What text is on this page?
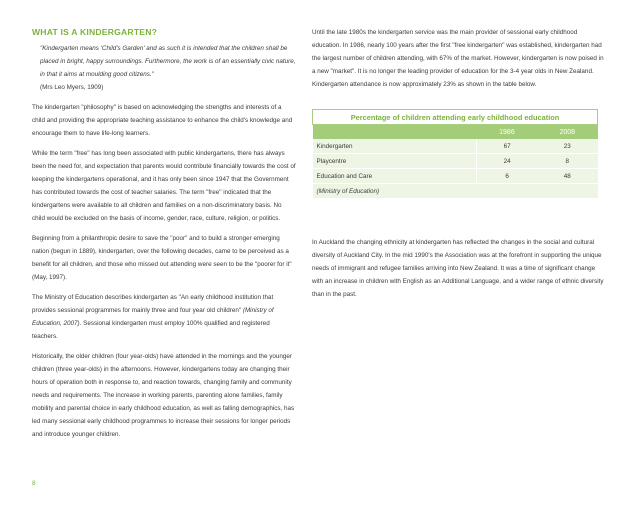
WHAT IS A KINDERGARTEN?

"Kindergarten means 'Child's Garden' and as such it is intended that the children shall be placed in bright, happy surroundings. Furthermore, the work is of an essentially civic nature, in that it aims at moulding good citizens."

(Mrs Leo Myers, 1909)

The kindergarten "philosophy" is based on acknowledging the strengths and interests of a child and providing the appropriate teaching assistance to enhance the child's knowledge and encourage them to have life-long learners.

While the term "free" has long been associated with public kindergartens, there has always been the need for, and expectation that parents would contribute financially towards the cost of keeping the kindergartens operational, and it has only been since 1947 that the Government has contributed towards the cost of teacher salaries. The term "free" indicated that the kindergartens were available to all children and families on a non-discriminatory basis. No child would be excluded on the basis of income, gender, race, culture, religion, or politics.

Beginning from a philanthropic desire to save the "poor" and to build a stronger emerging nation (begun in 1889), kindergarten, over the following decades, came to be perceived as a benefit for all children, and those who missed out attending were seen to be the "poorer for it" (May, 1997).

The Ministry of Education describes kindergarten as "An early childhood institution that provides sessional programmes for mainly three and four year old children" (Ministry of Education, 2007). Sessional kindergarten must employ 100% qualified and registered teachers.

Historically, the older children (four year-olds) have attended in the mornings and the younger children (three year-olds) in the afternoons. However, kindergartens today are changing their hours of operation both in response to, and reaction towards, changing family and community needs and requirements. The increase in working parents, parenting alone families, family mobility and parental choice in early childhood education, as well as falling demographics, has led many sessional early childhood programmes to increase their sessions for longer periods and introduce younger children.

Until the late 1980s the kindergarten service was the main provider of sessional early childhood education. In 1986, nearly 100 years after the first "free kindergarten" was established, kindergarten had the largest number of children attending, with 67% of the market. However, kindergarten is now poised in a new "market". It is no longer the leading provider of education for the 3-4 year olds in New Zealand. Kindergarten attendance is now approximately 23% as shown in the table below.

Percentage of children attending early childhood education		
	1986	2008
Kindergarten	67	23
Playcentre	24	8
Education and Care	6	48
(Ministry of Education)		

In Auckland the changing ethnicity at kindergarten has reflected the changes in the social and cultural diversity of Auckland City. In the mid 1990's the Association was at the forefront in supporting the unique needs of immigrant and refugee families arriving into New Zealand. It was a time of significant change with an increase in children with English as an Additional Language, and a wider range of ethnic diversity than in the past.

8
